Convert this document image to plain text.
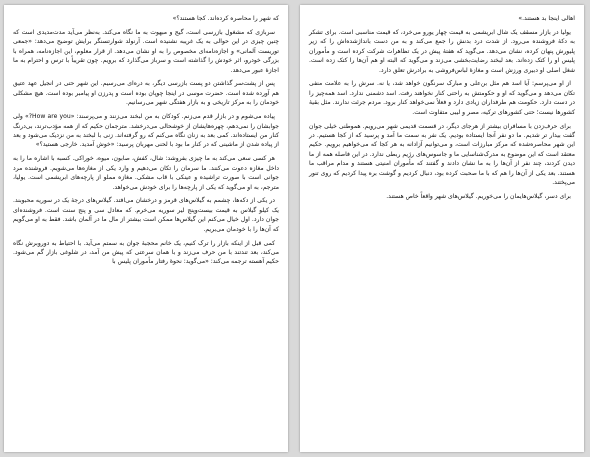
اهالی اینجا بد هستند.»

یولیا در بازار مسقف یک شال ابریشمی به قیمت چهار یورو می‌خرد، که قیمت مناسبی است. برای تشکر به دکهٔ فروشنده می‌رود. از شدت درد بدنش را جمع می‌کند و به من دست بانداژشده‌اش را که زیر پلیورش پنهان کرده، نشان می‌دهد. می‌گوید که هفتهٔ پیش در یک تظاهرات شرکت کرده است و مأموران پلیس او را کتک زده‌اند. بعد لبخند رضایت‌بخشی می‌زند و می‌گوید که البته او هم آن‌ها را کتک زده است. شغل اصلی او دبیری ورزش است و مغازهٔ لباس‌فروشی به برادرش تعلق دارد.

از او می‌پرسم: آیا اسد هم مثل بن‌علی و مبارک سرنگون خواهد شد، یا نه. سرش را به علامت منفی تکان می‌دهد و می‌گوید که او و حکومتش به راحتی کنار نخواهند رفت. اسد دشمنی ندارد. اسد همه‌چیز را در دست دارد. حکومت هم طرفداران زیادی دارد و فعلاً نمی‌خواهد کنار برود. مردم جرئت ندارند. مثل بقیهٔ کشورها نیست؛ حتی کشورهای ترکیه، مصر و لیبی متفاوت است.

برای حرف‌زدن با مسافران بیشتر از هرجای دیگر، در قسمت قدیمی شهر می‌رویم. هموطنی خیلی جوان گفت بیدار تر شدیم. ما دو نفر آنجا ایستاده بودیم. یک نفر به سمت ما آمد و پرسید که از کجا هستیم. در این شهر محاصره‌شده که مرکز مبارزات است، و می‌توانیم آزادانه به هر کجا که می‌خواهیم برویم. حکیم معتقد است که این موضوع به مدرک‌شناسایی ما و جاسوس‌های رژیم ربطی ندارد. در این فاصله همه از ما دیدن کردند، چند نفر از آن‌ها را به ما نشان دادند و گفتند که مأموران امنیتی هستند و مدام مراقب ما هستند. بعد یکی از آن‌ها را هم که با ما صحبت کرده بود، دنبال کردیم و گوشت بره پیدا کردیم که روی تنور می‌پختند.

برای دسر، گیلاس‌هایمان را می‌خوریم. گیلاس‌های شهر واقعاً خاص هستند.

که شهر را محاصره کرده‌اند. کجا هستند؟»

سربازی که مشغول بازرسی است، گیج و مبهوت به ما نگاه می‌کند. به‌نظر می‌آید مدت‌مدیدی است که چنین چیزی در این حوالی به یک غریبه نشنیده است. آرنولد شوارتسنگر برایش توضیح می‌دهد: «جمعی توریست آلمانی» و اجازه‌نامه‌ای مخصوص را به او نشان می‌دهد. از قرار معلوم، این اجازه‌نامه، همراه با بزرگی خودرو، اثر خودش را گذاشته است و سرباز می‌گذارد که برویم. چون تقریباً با ترس و احترام به ما اجازهٔ عبور می‌دهد.

پس از پشت‌سر گذاشتن دو پست بازرسی دیگر، به دره‌ای می‌رسیم. این شهر حتی در انجیل عهد عتیق هم آورده شده است. حضرت موسی در اینجا چوپان بوده است و پدرزن او پیامبر بوده است. هیچ مشکلی خودمان را به مرکز تاریخی و به بازار هفتگی شهر می‌رسانیم.

پیاده می‌شوم و در بازار قدم می‌زنم. کودکان به من لبخند می‌زنند و می‌پرسند: «How are you?» ولی جوابشان را نمی‌دهم، چهره‌هایشان از خوشحالی می‌درخشد. مترجمان حکیم که از همه مؤدب‌ترند، بی‌درنگ کنار من ایستاده‌اند. کمی بعد به زنان نگاه می‌کنم که رو گرفته‌اند. زنی با لبخند به من نزدیک می‌شود و بعد از پیاده شدن از ماشینی که در کنار ما بود با لحنی مهربان پرسید: «خوش آمدید. خارجی هستید؟»

هر کسی سعی می‌کند به ما چیزی بفروشد: شال، کفش، صابون، میوه، خوراکی. کسبه با اشاره ما را به داخل مغازه دعوت می‌کنند. ما سرمان را تکان می‌دهیم و وارد یکی از مغازه‌ها می‌شویم. فروشنده مرد جوانی است با صورت تراشیده و عینکی با قاب مشکی. مغازه مملو از پارچه‌های ابریشمی است. یولیا، مترجم، به او می‌گوید که یکی از پارچه‌ها را برای خودش می‌خواهد.

در یکی از دکه‌ها، چشمم به گیلاس‌های قرمز و درخشان می‌افتد. گیلاس‌های درجهٔ یک در سوریه محبوبند. یک کیلو گیلاس به قیمت بیست‌وپنج لیر سوریه می‌خرم. که معادل سی و پنج سنت است. فروشنده‌ای جوان دارد. اول خیال می‌کنم این گیلاس‌ها ممکن است بیشتر از مال ما در آلمان باشد. فقط به او می‌گویم که آن‌ها را با خودمان می‌بریم.

کمی قبل از اینکه بازار را ترک کنیم، یک خانم محجبهٔ جوان به سمتم می‌آید. با احتیاط به دوروبرش نگاه می‌کند، بعد تندتند با من حرف می‌زند و با همان سرعتی که پیش من آمد، در شلوغی بازار گم می‌شود. حکیم آهسته ترجمه می‌کند: «می‌گوید: نحوهٔ رفتار مأموران پلیس با
